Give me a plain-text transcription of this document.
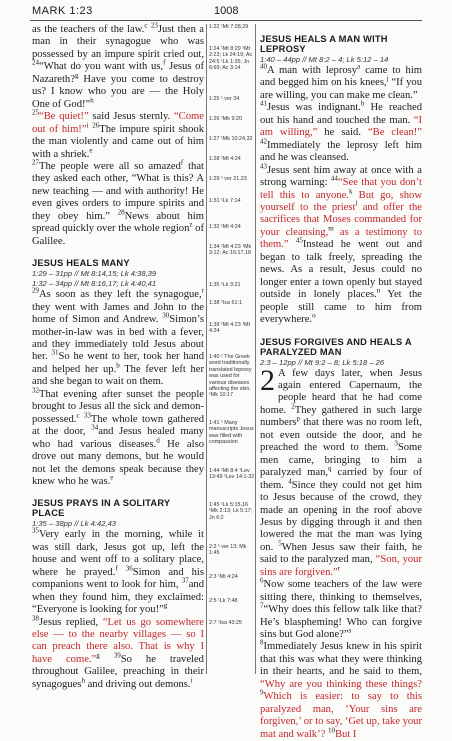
MARK 1:23	1008

as the teachers of the law.$^c$ $^{23}$Just then a man in their synagogue who was possessed by an impure spirit cried out, $^{24}$“What do you want with us,$^f$ Jesus of Nazareth?$^g$ Have you come to destroy us? I know who you are — the Holy One of God!”$^h$

$^{25}$“Be quiet!” said Jesus sternly. “Come out of him!”$^i$ $^{26}$The impure spirit shook the man violently and came out of him with a shriek.$^e$

$^{27}$The people were all so amazed$^f$ that they asked each other, “What is this? A new teaching — and with authority! He even gives orders to impure spirits and they obey him.” $^{28}$News about him spread quickly over the whole region$^z$ of Galilee.

JESUS HEALS MANY
1:29 – 31pp // Mt 8:14,15; Lk 4:38,39
1:32 – 34pp // Mt 8:16,17; Lk 4:40,41

$^{29}$As soon as they left the synagogue,$^r$ they went with James and John to the home of Simon and Andrew. $^{30}$Simon’s mother-in-law was in bed with a fever, and they immediately told Jesus about her. $^{31}$So he went to her, took her hand and helped her up.$^b$ The fever left her and she began to wait on them.

$^{32}$That evening after sunset the people brought to Jesus all the sick and demon-possessed.$^c$ $^{33}$The whole town gathered at the door, $^{34}$and Jesus healed many who had various diseases.$^d$ He also drove out many demons, but he would not let the demons speak because they knew who he was.$^e$

JESUS PRAYS IN A SOLITARY PLACE
1:35 – 38pp // Lk 4:42,43

$^{35}$Very early in the morning, while it was still dark, Jesus got up, left the house and went off to a solitary place, where he prayed.$^f$ $^{36}$Simon and his companions went to look for him, $^{37}$and when they found him, they exclaimed: “Everyone is looking for you!”$^g$

$^{38}$Jesus replied, “Let us go somewhere else — to the nearby villages — so I can preach there also. That is why I have come.”$^g$ $^{39}$So he traveled throughout Galilee, preaching in their synagogues$^h$ and driving out demons.$^i$

1:22 ¹Mt 7:28,29
1:24 ¹Mt 8:29 ¹Mt 2:23; Lk 24:19; Ac 24:5 ¹Lk 1:35; Jn 6:69; Ac 3:14
1:25 ¹ ver 34
1:26 ¹Mk 9:20
1:27 ¹Mk 10:24,32
1:28 ¹Mt 4:24
1:29 ¹ ver 21,23
1:31 ¹Lk 7:14
1:32 ¹Mt 4:24
1:34 ¹Mt 4:23 ¹Mk 3:12; Ac 16:17,18
1:35 ¹Lk 3:21
1:38 ¹Isa 61:1
1:39 ¹Mt 4:23 ¹Mt 4:24
1:40 ¹ The Greek word traditionally translated leprosy was used for various diseases affecting the skin. ¹Mk 10:17
1:41 ¹ Many manuscripts Jesus was filled with compassion
1:44 ¹Mt 8:4 ¹Lev 13:49 ¹Lev 14:1-32
1:45 ¹Lk 5:15,16 ¹Mk 2:13; Lk 5:17; Jn 6:2
2:2 ¹ ver 13; Mk 1:45
2:3 ¹Mt 4:24
2:5 ¹Lk 7:48
2:7 ¹Isa 43:25
JESUS HEALS A MAN WITH LEPROSY
1:40 – 44pp // Mt 8:2 – 4; Lk 5:12 – 14

$^{40}$A man with leprosy$^a$ came to him and begged him on his knees,$^j$ “If you are willing, you can make me clean.”

$^{41}$Jesus was indignant.$^b$ He reached out his hand and touched the man. “I am willing,” he said. “Be clean!” $^{42}$Immediately the leprosy left him and he was cleansed.

$^{43}$Jesus sent him away at once with a strong warning: $^{44}$“See that you don’t tell this to anyone.$^k$ But go, show yourself to the priest$^l$ and offer the sacrifices that Moses commanded for your cleansing,$^m$ as a testimony to them.” $^{45}$Instead he went out and began to talk freely, spreading the news. As a result, Jesus could no longer enter a town openly but stayed outside in lonely places.$^n$ Yet the people still came to him from everywhere.$^o$

JESUS FORGIVES AND HEALS A PARALYZED MAN
2:3 – 12pp // Mt 9:2 – 8; Lk 5:18 – 26

2 A few days later, when Jesus again entered Capernaum, the people heard that he had come home. $^2$They gathered in such large numbers$^p$ that there was no room left, not even outside the door, and he preached the word to them. $^3$Some men came, bringing to him a paralyzed man,$^q$ carried by four of them. $^4$Since they could not get him to Jesus because of the crowd, they made an opening in the roof above Jesus by digging through it and then lowered the mat the man was lying on. $^5$When Jesus saw their faith, he said to the paralyzed man, “Son, your sins are forgiven.”$^r$

$^6$Now some teachers of the law were sitting there, thinking to themselves, $^7$“Why does this fellow talk like that? He’s blaspheming! Who can forgive sins but God alone?”$^s$

$^8$Immediately Jesus knew in his spirit that this was what they were thinking in their hearts, and he said to them, “Why are you thinking these things? $^9$Which is easier: to say to this paralyzed man, ‘Your sins are forgiven,’ or to say, ‘Get up, take your mat and walk’? $^{10}$But I
